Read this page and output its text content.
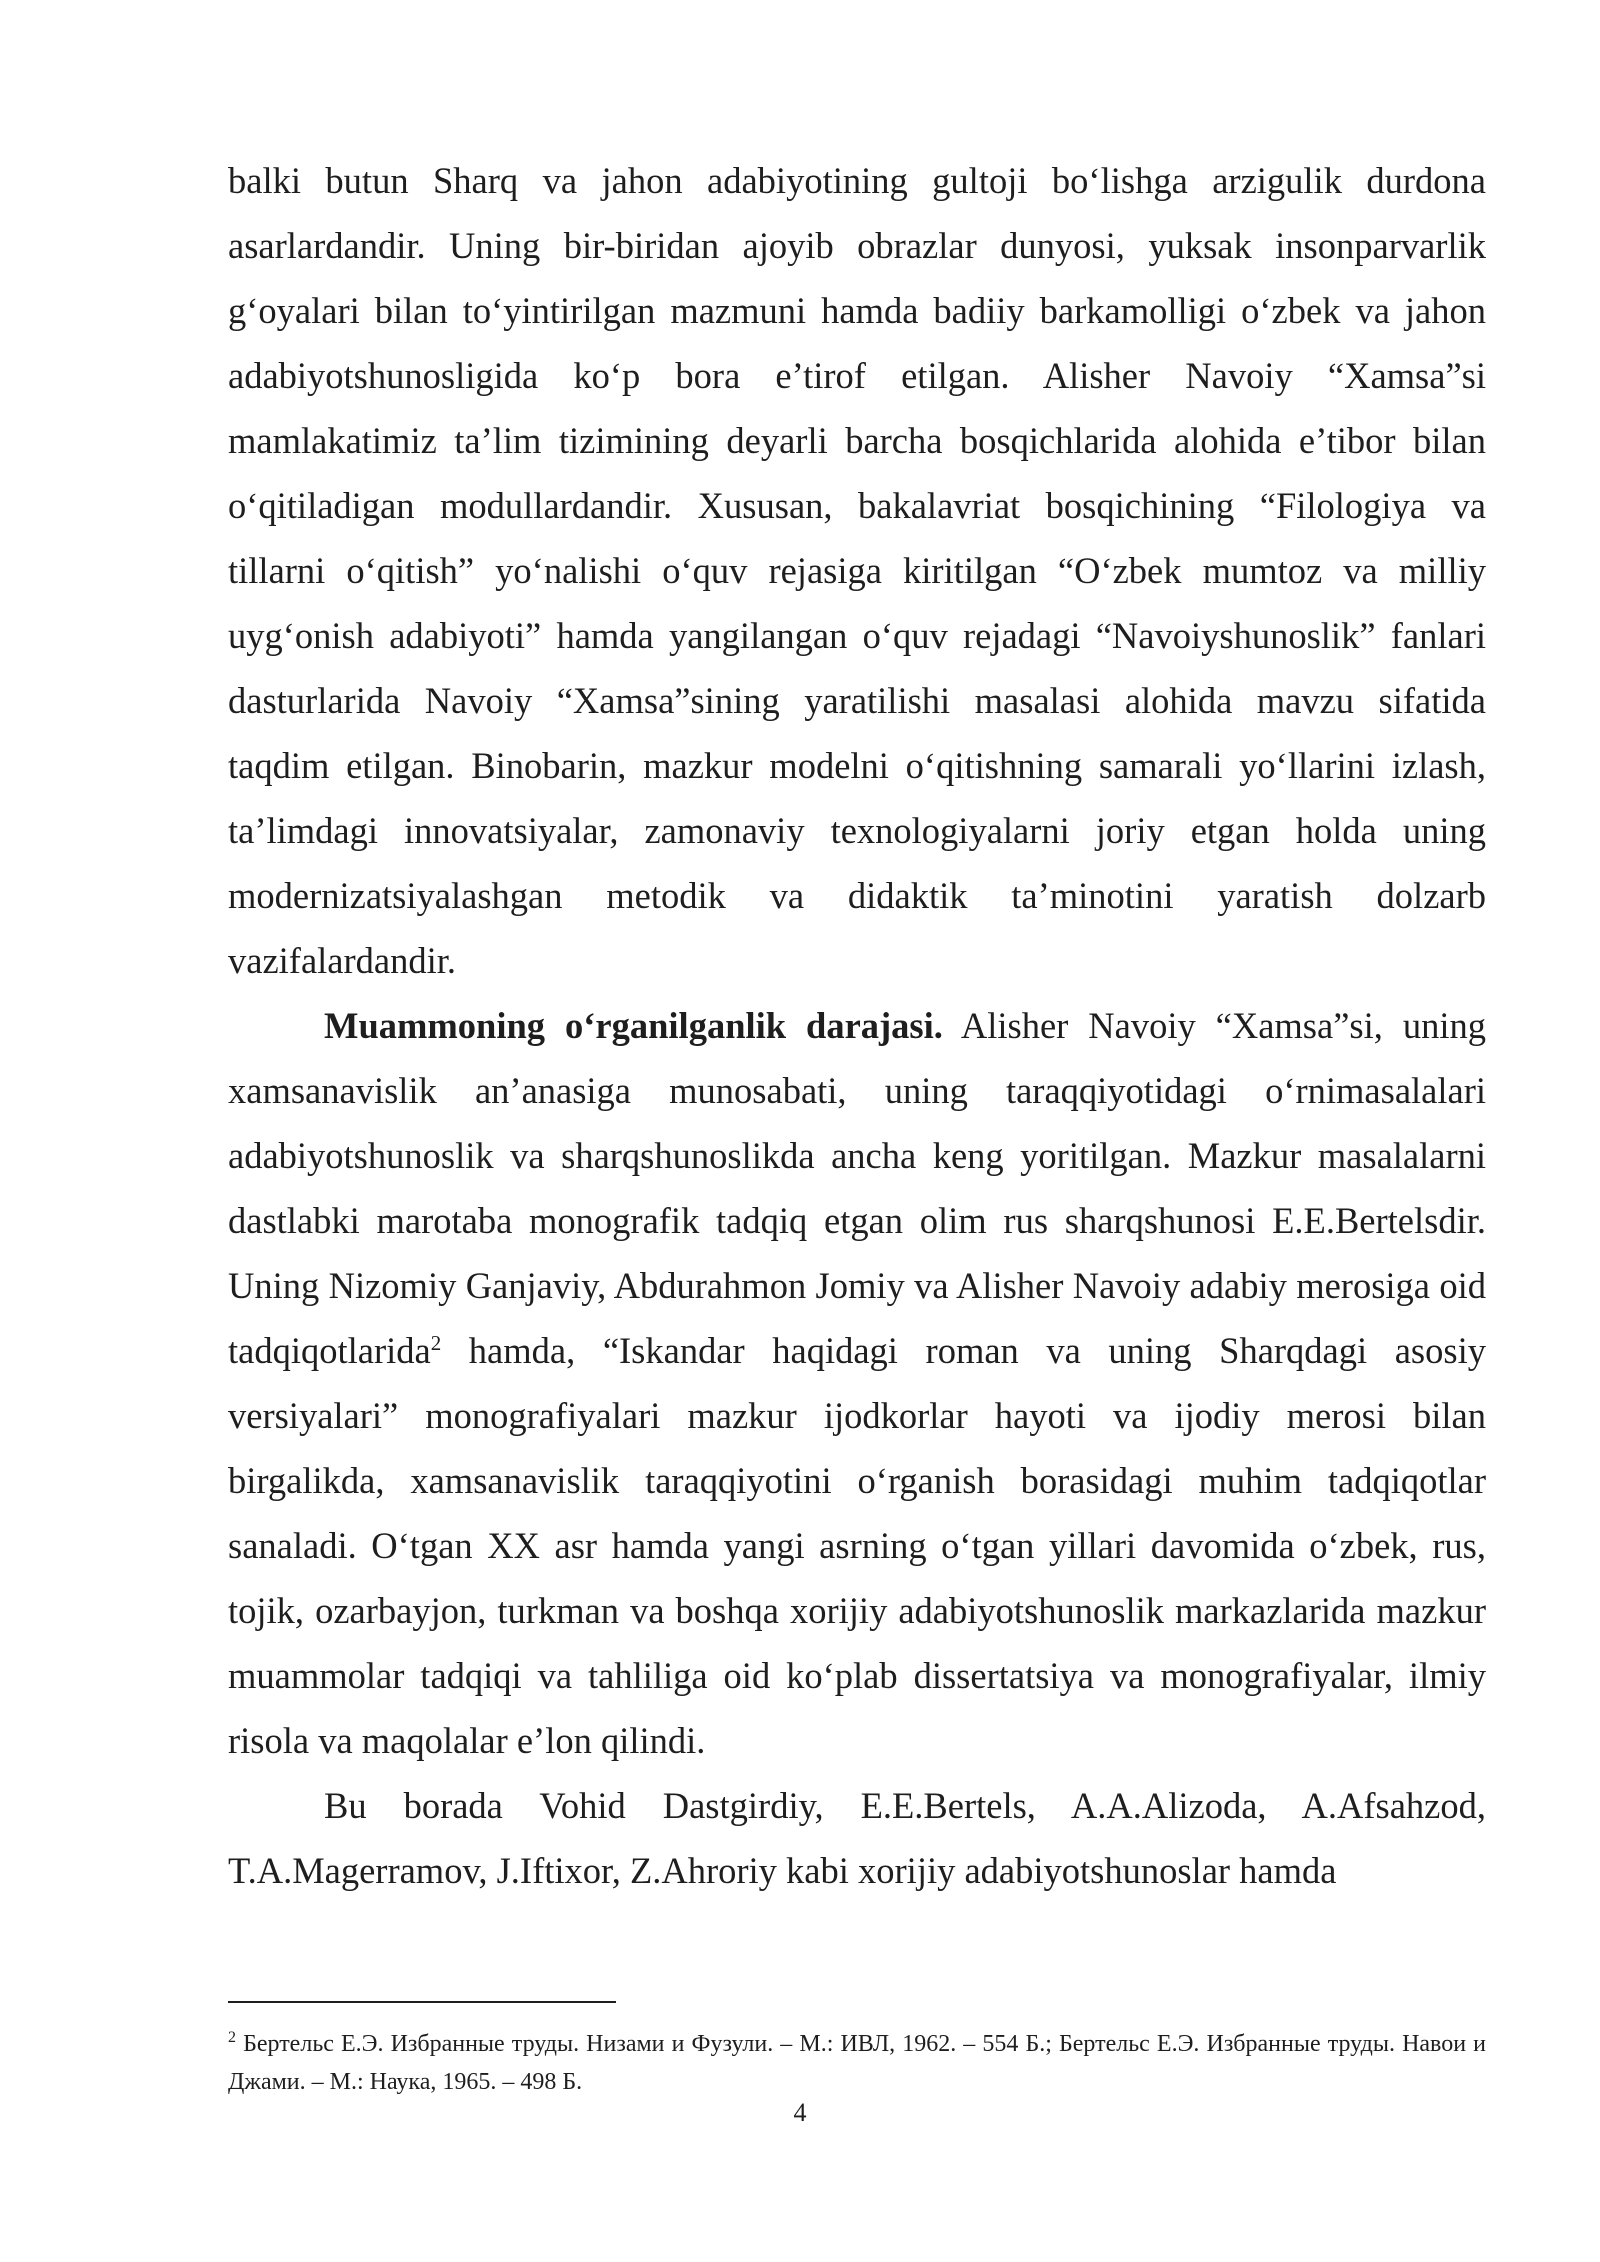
balki butun Sharq va jahon adabiyotining gultoji boʻlishga arzigulik durdona asarlardandir. Uning bir-biridan ajoyib obrazlar dunyosi, yuksak insonparvarlik gʻoyalari bilan toʻyintirilgan mazmuni hamda badiiy barkamolligi oʻzbek va jahon adabiyotshunosligida koʻp bora e’tirof etilgan. Alisher Navoiy “Xamsa”si mamlakatimiz ta’lim tizimining deyarli barcha bosqichlarida alohida e’tibor bilan oʻqitiladigan modullardandir. Xususan, bakalavriat bosqichining “Filologiya va tillarni oʻqitish” yoʻnalishi oʻquv rejasiga kiritilgan “Oʻzbek mumtoz va milliy uygʻonish adabiyoti” hamda yangilangan oʻquv rejadagi “Navoiyshunoslik” fanlari dasturlarida Navoiy “Xamsa”sining yaratilishi masalasi alohida mavzu sifatida taqdim etilgan. Binobarin, mazkur modelni oʻqitishning samarali yoʻllarini izlash, ta’limdagi innovatsiyalar, zamonaviy texnologiyalarni joriy etgan holda uning modernizatsiyalashgan metodik va didaktik ta’minotini yaratish dolzarb vazifalardandir.

Muammoning oʻrganilganlik darajasi. Alisher Navoiy “Xamsa”si, uning xamsanavislik an’anasiga munosabati, uning taraqqiyotidagi oʻrnimasalalari adabiyotshunoslik va sharqshunoslikda ancha keng yoritilgan. Mazkur masalalarni dastlabki marotaba monografik tadqiq etgan olim rus sharqshunosi E.E.Bertelsdir. Uning Nizomiy Ganjaviy, Abdurahmon Jomiy va Alisher Navoiy adabiy merosiga oid tadqiqotlarida$^2$ hamda, “Iskandar haqidagi roman va uning Sharqdagi asosiy versiyalari” monografiyalari mazkur ijodkorlar hayoti va ijodiy merosi bilan birgalikda, xamsanavislik taraqqiyotini oʻrganish borasidagi muhim tadqiqotlar sanaladi. Oʻtgan XX asr hamda yangi asrning oʻtgan yillari davomida oʻzbek, rus, tojik, ozarbayjon, turkman va boshqa xorijiy adabiyotshunoslik markazlarida mazkur muammolar tadqiqi va tahliliga oid koʻplab dissertatsiya va monografiyalar, ilmiy risola va maqolalar e’lon qilindi.

Bu borada Vohid Dastgirdiy, E.E.Bertels, A.A.Alizoda, A.Afsahzod, T.A.Magerramov, J.Iftixor, Z.Ahroriy kabi xorijiy adabiyotshunoslar hamda

$^2$ Бертельс Е.Э. Избранные труды. Низами и Фузули. – М.: ИВЛ, 1962. – 554 Б.; Бертельс Е.Э. Избранные труды. Навои и Джами. – М.: Наука, 1965. – 498 Б.

4
